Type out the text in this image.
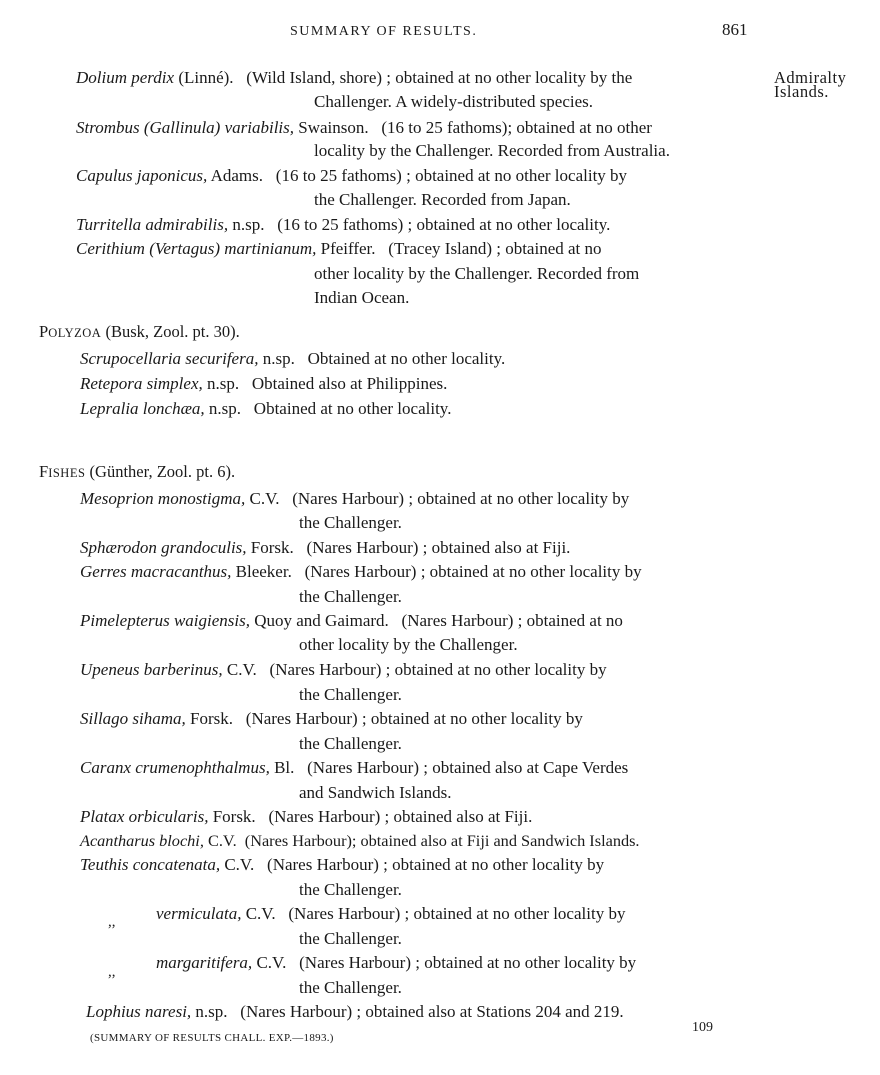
SUMMARY OF RESULTS.	861
Admiralty
Islands.
Dolium perdix (Linné). (Wild Island, shore) ; obtained at no other locality by the
Challenger. A widely-distributed species.
Strombus (Gallinula) variabilis, Swainson. (16 to 25 fathoms); obtained at no other
locality by the Challenger. Recorded from Australia.
Capulus japonicus, Adams. (16 to 25 fathoms) ; obtained at no other locality by
the Challenger. Recorded from Japan.
Turritella admirabilis, n.sp. (16 to 25 fathoms) ; obtained at no other locality.
Cerithium (Vertagus) martinianum, Pfeiffer. (Tracey Island) ; obtained at no
other locality by the Challenger. Recorded from
Indian Ocean.
POLYZOA (Busk, Zool. pt. 30).
Scrupocellaria securifera, n.sp. Obtained at no other locality.
Retepora simplex, n.sp. Obtained also at Philippines.
Lepralia lonchæa, n.sp. Obtained at no other locality.
FISHES (Günther, Zool. pt. 6).
Mesoprion monostigma, C.V. (Nares Harbour) ; obtained at no other locality by
the Challenger.
Sphærodon grandoculis, Forsk. (Nares Harbour) ; obtained also at Fiji.
Gerres macracanthus, Bleeker. (Nares Harbour) ; obtained at no other locality by
the Challenger.
Pimelepterus waigiensis, Quoy and Gaimard. (Nares Harbour) ; obtained at no
other locality by the Challenger.
Upeneus barberinus, C.V. (Nares Harbour) ; obtained at no other locality by
the Challenger.
Sillago sihama, Forsk. (Nares Harbour) ; obtained at no other locality by
the Challenger.
Caranx crumenophthalmus, Bl. (Nares Harbour) ; obtained also at Cape Verdes
and Sandwich Islands.
Platax orbicularis, Forsk. (Nares Harbour) ; obtained also at Fiji.
Acantharus blochi, C.V. (Nares Harbour); obtained also at Fiji and Sandwich Islands.
Teuthis concatenata, C.V. (Nares Harbour) ; obtained at no other locality by
the Challenger.
,, vermiculata, C.V. (Nares Harbour) ; obtained at no other locality by
the Challenger.
,, margaritifera, C.V. (Nares Harbour) ; obtained at no other locality by
the Challenger.
Lophius naresi, n.sp. (Nares Harbour) ; obtained also at Stations 204 and 219.
109
(SUMMARY OF RESULTS CHALL. EXP.—1893.)
